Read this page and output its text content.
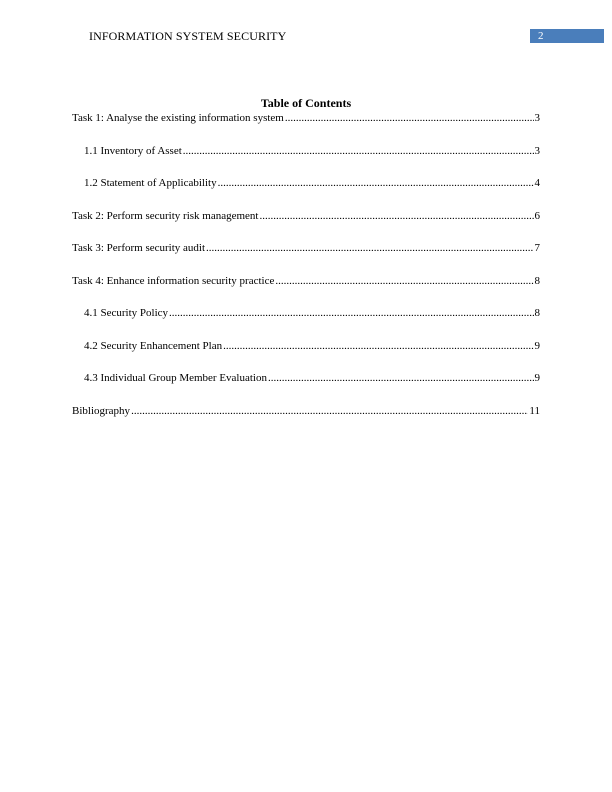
INFORMATION SYSTEM SECURITY	2
Table of Contents
Task 1: Analyse the existing information system .....	3
1.1 Inventory of Asset .....	3
1.2 Statement of Applicability .....	4
Task 2: Perform security risk management .....	6
Task 3: Perform security audit .....	7
Task 4: Enhance information security practice .....	8
4.1 Security Policy .....	8
4.2 Security Enhancement Plan .....	9
4.3 Individual Group Member Evaluation .....	9
Bibliography .....	11
